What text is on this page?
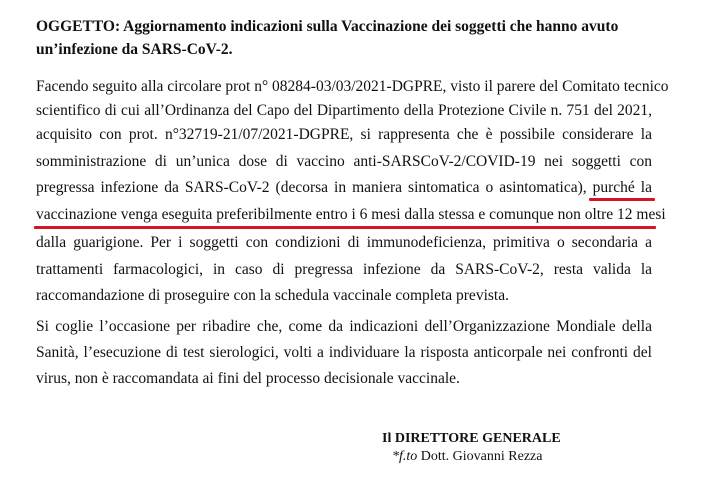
OGGETTO: Aggiornamento indicazioni sulla Vaccinazione dei soggetti che hanno avuto
un’infezione da SARS-CoV-2.
Facendo seguito alla circolare prot n° 08284-03/03/2021-DGPRE, visto il parere del Comitato tecnico
scientifico di cui all’Ordinanza del Capo del Dipartimento della Protezione Civile n. 751 del 2021,
acquisito con prot. n°32719-21/07/2021-DGPRE, si rappresenta che è possibile considerare la
somministrazione di un’unica dose di vaccino anti-SARSCoV-2/COVID-19 nei soggetti con
pregressa infezione da SARS-CoV-2 (decorsa in maniera sintomatica o asintomatica), purché la
vaccinazione venga eseguita preferibilmente entro i 6 mesi dalla stessa e comunque non oltre 12 mesi
dalla guarigione. Per i soggetti con condizioni di immunodeficienza, primitiva o secondaria a
trattamenti farmacologici, in caso di pregressa infezione da SARS-CoV-2, resta valida la
raccomandazione di proseguire con la schedula vaccinale completa prevista.
Si coglie l’occasione per ribadire che, come da indicazioni dell’Organizzazione Mondiale della
Sanità, l’esecuzione di test sierologici, volti a individuare la risposta anticorpale nei confronti del
virus, non è raccomandata ai fini del processo decisionale vaccinale.
Il DIRETTORE GENERALE
*f.to Dott. Giovanni Rezza
